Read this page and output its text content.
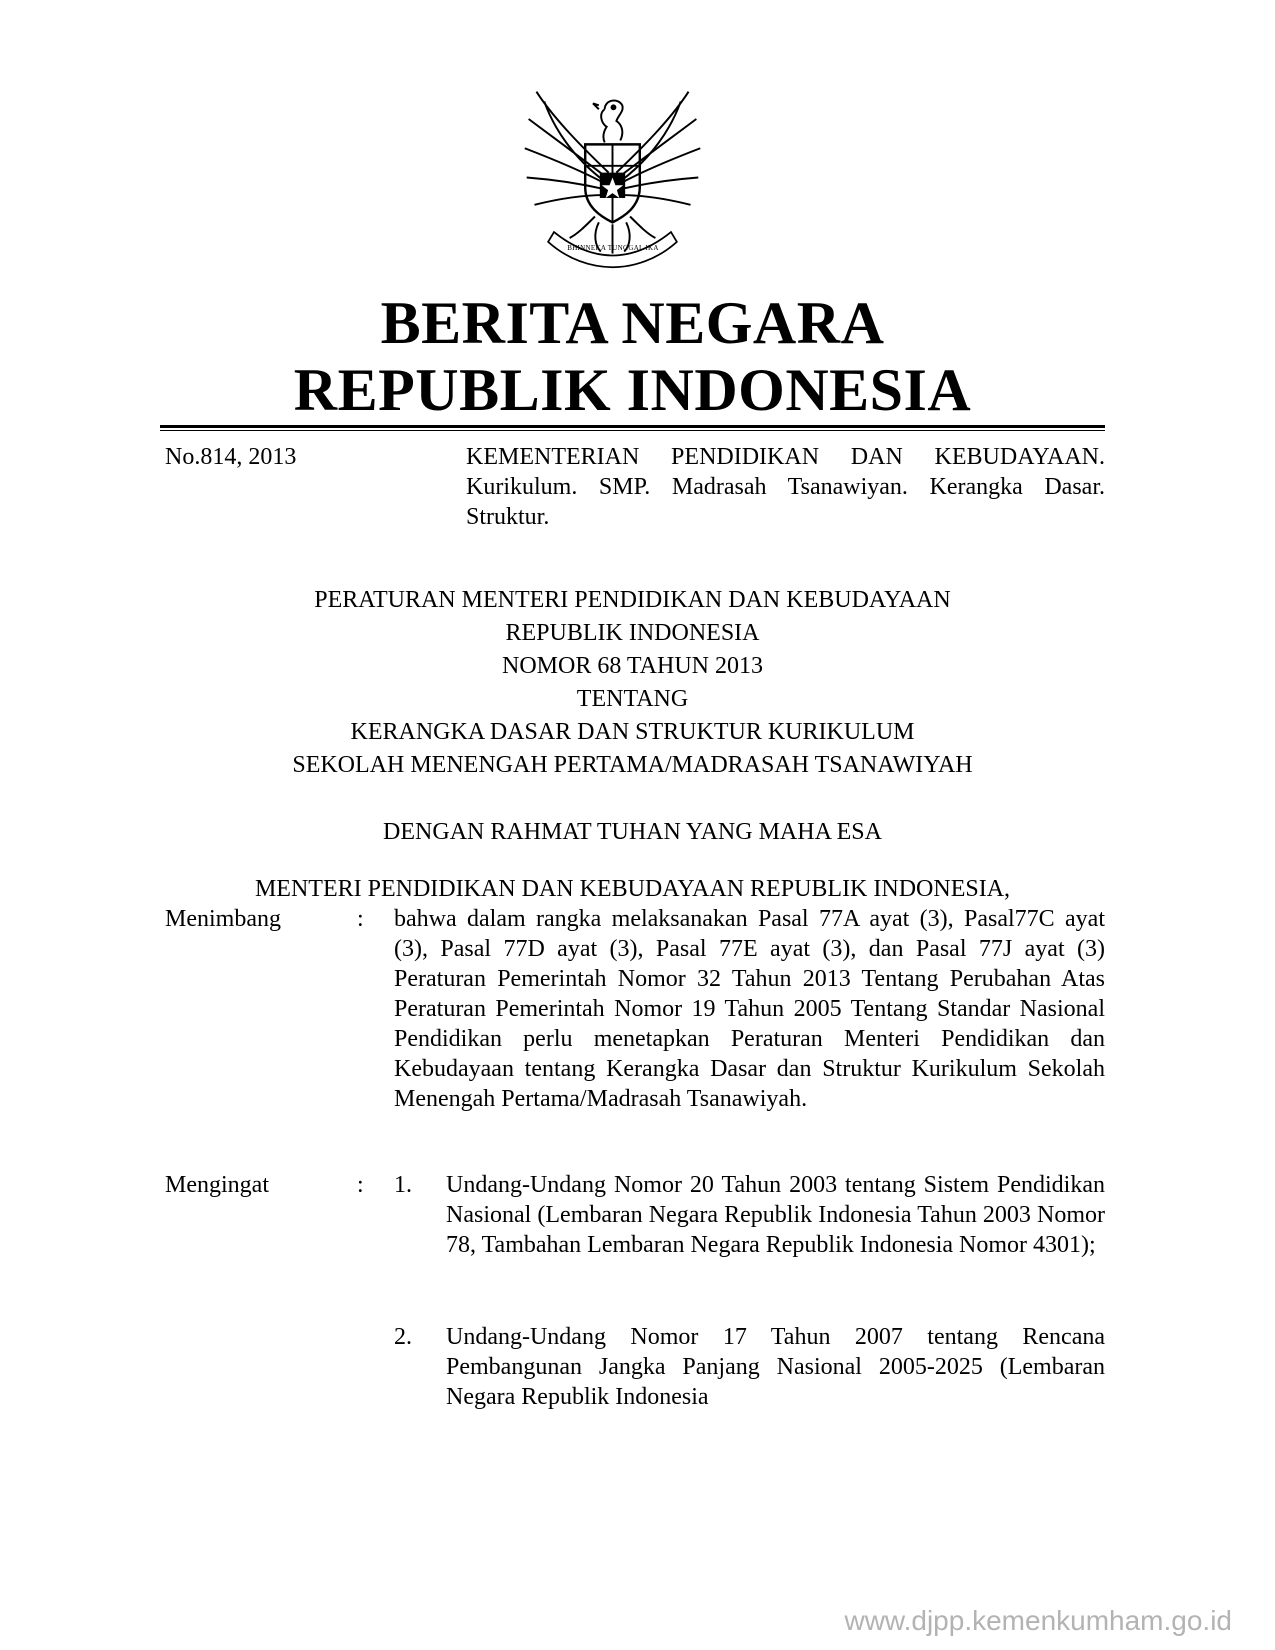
BHINNEKA TUNGGAL IKA
BERITA NEGARA
REPUBLIK INDONESIA
No.814, 2013	KEMENTERIAN PENDIDIKAN DAN KEBUDAYAAN. Kurikulum. SMP. Madrasah Tsanawiyan. Kerangka Dasar. Struktur.
PERATURAN MENTERI PENDIDIKAN DAN KEBUDAYAAN
REPUBLIK INDONESIA
NOMOR 68 TAHUN 2013
TENTANG
KERANGKA DASAR DAN STRUKTUR KURIKULUM
SEKOLAH MENENGAH PERTAMA/MADRASAH TSANAWIYAH
DENGAN RAHMAT TUHAN YANG MAHA ESA
MENTERI PENDIDIKAN DAN KEBUDAYAAN REPUBLIK INDONESIA,
Menimbang	: bahwa dalam rangka melaksanakan Pasal 77A ayat (3), Pasal77C ayat (3), Pasal 77D ayat (3), Pasal 77E ayat (3), dan Pasal 77J ayat (3) Peraturan Pemerintah Nomor 32 Tahun 2013 Tentang Perubahan Atas Peraturan Pemerintah Nomor 19 Tahun 2005 Tentang Standar Nasional Pendidikan perlu menetapkan Peraturan Menteri Pendidikan dan Kebudayaan tentang Kerangka Dasar dan Struktur Kurikulum Sekolah Menengah Pertama/Madrasah Tsanawiyah.
Mengingat	: 1. Undang-Undang Nomor 20 Tahun 2003 tentang Sistem Pendidikan Nasional (Lembaran Negara Republik Indonesia Tahun 2003 Nomor 78, Tambahan Lembaran Negara Republik Indonesia Nomor 4301);
2. Undang-Undang Nomor 17 Tahun 2007 tentang Rencana Pembangunan Jangka Panjang Nasional 2005-2025 (Lembaran Negara Republik Indonesia
www.djpp.kemenkumham.go.id
